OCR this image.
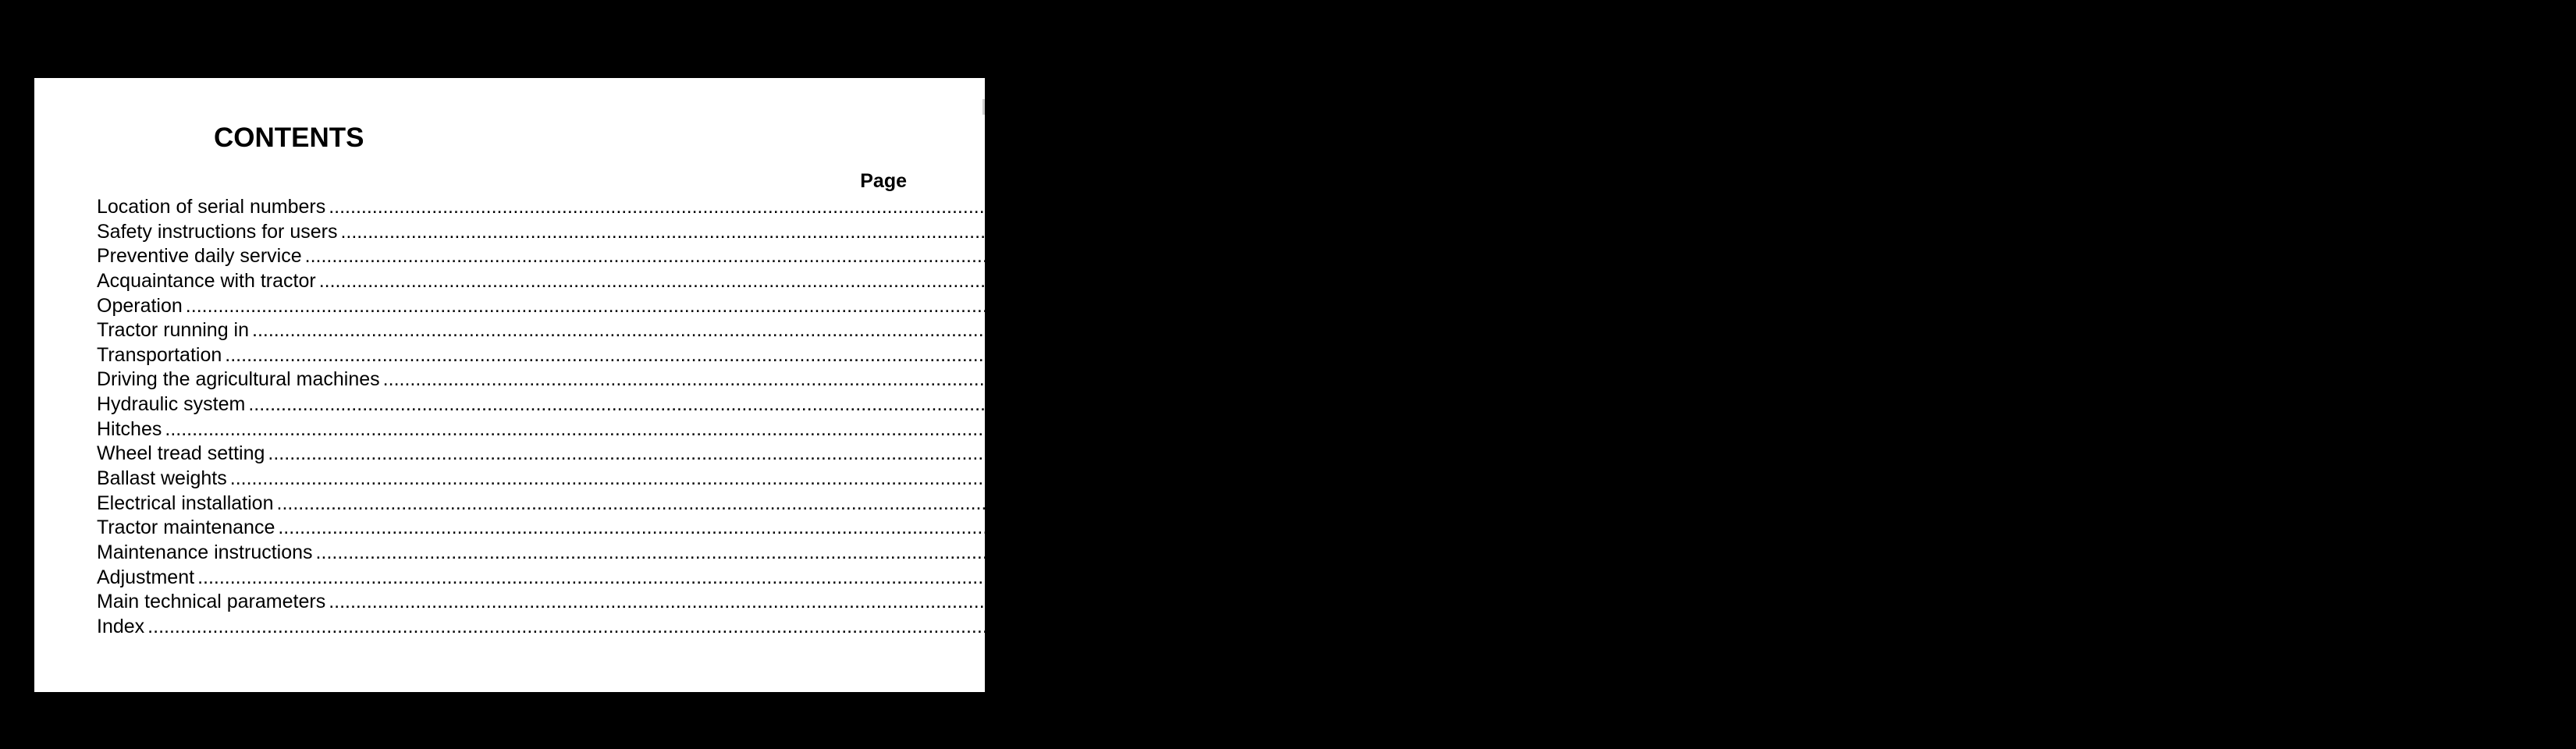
CONTENTS
Page
Location of serial numbers ................................................................................................................................................................................................................................................................................................................................................................................................................ 7
Safety instructions for users ................................................................................................................................................................................................................................................................................................................................................................................................................ 9
Preventive daily service ................................................................................................................................................................................................................................................................................................................................................................................................................ 13
Acquaintance with tractor ................................................................................................................................................................................................................................................................................................................................................................................................................ 21
Operation ................................................................................................................................................................................................................................................................................................................................................................................................................ 51
Tractor running in ................................................................................................................................................................................................................................................................................................................................................................................................................ 67
Transportation ................................................................................................................................................................................................................................................................................................................................................................................................................ 73
Driving the agricultural machines ................................................................................................................................................................................................................................................................................................................................................................................................................ 83
Hydraulic system ................................................................................................................................................................................................................................................................................................................................................................................................................ 91
Hitches ................................................................................................................................................................................................................................................................................................................................................................................................................ 103
Wheel tread setting ................................................................................................................................................................................................................................................................................................................................................................................................................ 111
Ballast weights ................................................................................................................................................................................................................................................................................................................................................................................................................ 121
Electrical installation ................................................................................................................................................................................................................................................................................................................................................................................................................ 127
Tractor maintenance ................................................................................................................................................................................................................................................................................................................................................................................................................ 137
Maintenance instructions ................................................................................................................................................................................................................................................................................................................................................................................................................ 157
Adjustment ................................................................................................................................................................................................................................................................................................................................................................................................................ 175
Main technical parameters ................................................................................................................................................................................................................................................................................................................................................................................................................ 191
Index ................................................................................................................................................................................................................................................................................................................................................................................................................ 215
